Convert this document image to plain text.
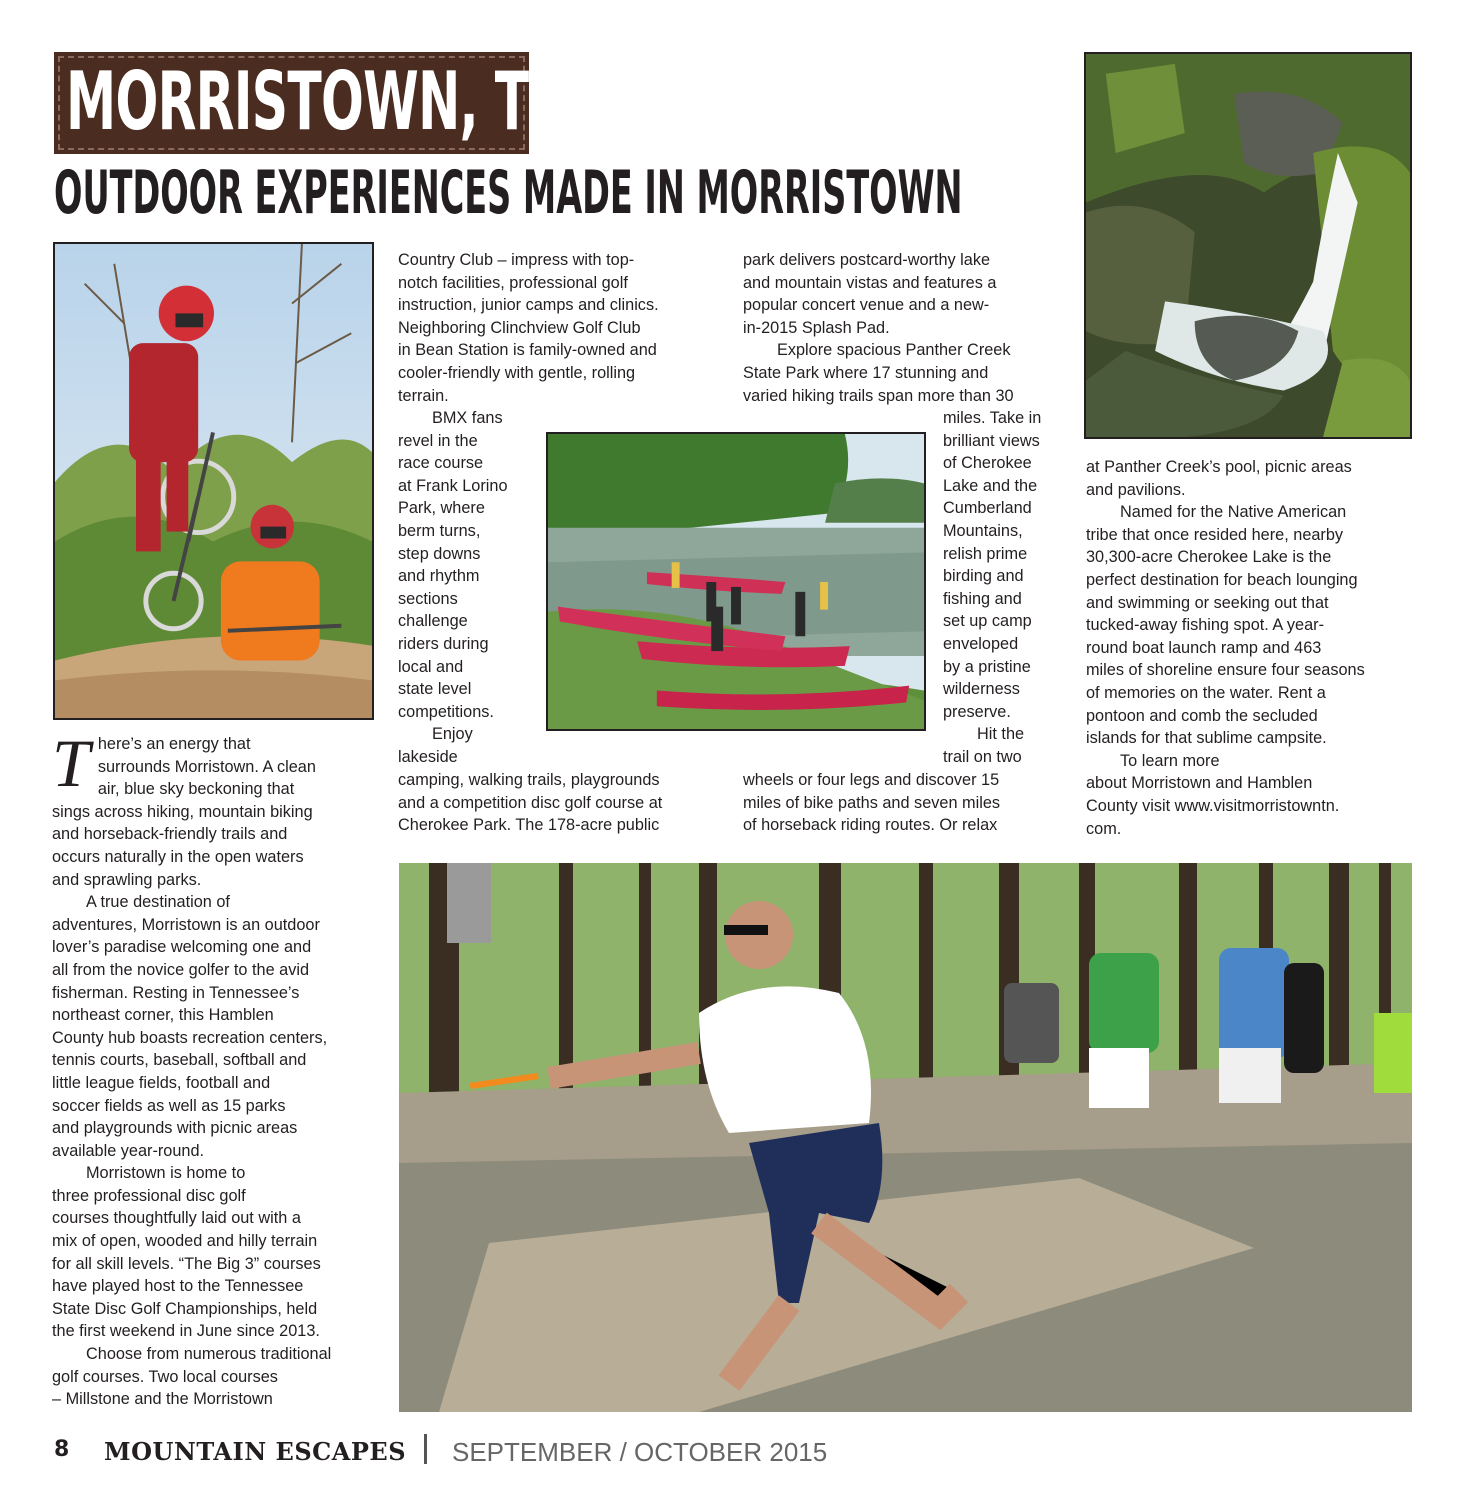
MORRISTOWN, TN
OUTDOOR EXPERIENCES MADE IN MORRISTOWN
T here’s an energy that
surrounds Morristown. A clean
air, blue sky beckoning that
sings across hiking, mountain biking
and horseback-friendly trails and
occurs naturally in the open waters
and sprawling parks.

A true destination of
adventures, Morristown is an outdoor
lover’s paradise welcoming one and
all from the novice golfer to the avid
fisherman. Resting in Tennessee’s
northeast corner, this Hamblen
County hub boasts recreation centers,
tennis courts, baseball, softball and
little league fields, football and
soccer fields as well as 15 parks
and playgrounds with picnic areas
available year-round.

Morristown is home to
three professional disc golf
courses thoughtfully laid out with a
mix of open, wooded and hilly terrain
for all skill levels. “The Big 3” courses
have played host to the Tennessee
State Disc Golf Championships, held
the first weekend in June since 2013.

Choose from numerous traditional
golf courses. Two local courses
– Millstone and the Morristown

Country Club – impress with top-
notch facilities, professional golf
instruction, junior camps and clinics.
Neighboring Clinchview Golf Club
in Bean Station is family-owned and
cooler-friendly with gentle, rolling
terrain.
BMX fans
revel in the
race course
at Frank Lorino
Park, where
berm turns,
step downs
and rhythm
sections
challenge
riders during
local and
state level
competitions.
Enjoy
lakeside
camping, walking trails, playgrounds
and a competition disc golf course at
Cherokee Park. The 178-acre public
park delivers postcard-worthy lake
and mountain vistas and features a
popular concert venue and a new-
in-2015 Splash Pad.
Explore spacious Panther Creek
State Park where 17 stunning and
varied hiking trails span more than 30
miles. Take in
brilliant views
of Cherokee
Lake and the
Cumberland
Mountains,
relish prime
birding and
fishing and
set up camp
enveloped
by a pristine
wilderness
preserve.
Hit the
trail on two
wheels or four legs and discover 15
miles of bike paths and seven miles
of horseback riding routes. Or relax
at Panther Creek’s pool, picnic areas
and pavilions.
Named for the Native American
tribe that once resided here, nearby
30,300-acre Cherokee Lake is the
perfect destination for beach lounging
and swimming or seeking out that
tucked-away fishing spot. A year-
round boat launch ramp and 463
miles of shoreline ensure four seasons
of memories on the water. Rent a
pontoon and comb the secluded
islands for that sublime campsite.
To learn more
about Morristown and Hamblen
County visit www.visitmorristowntn.
com.
8 MOUNTAIN ESCAPES SEPTEMBER / OCTOBER 2015
